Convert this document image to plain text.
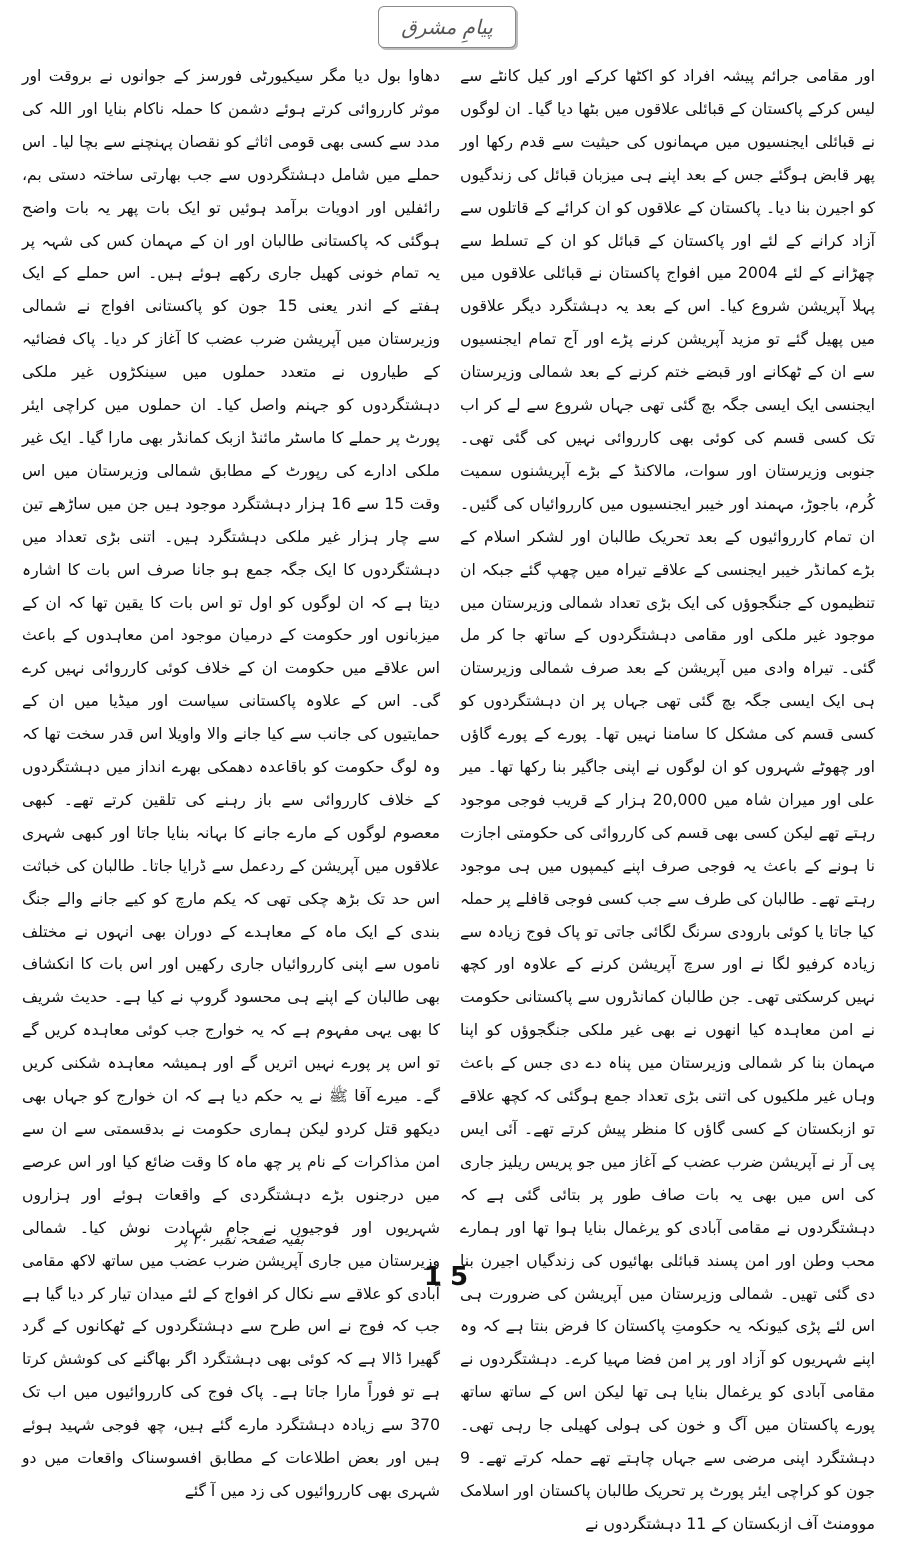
پیامِ مشرق

اور مقامی جرائم پیشہ افراد کو اکٹھا کرکے اور کیل کانٹے سے لیس کرکے پاکستان کے قبائلی علاقوں میں بٹھا دیا گیا۔ ان لوگوں نے قبائلی ایجنسیوں میں مہمانوں کی حیثیت سے قدم رکھا اور پھر قابض ہوگئے جس کے بعد اپنے ہی میزبان قبائل کی زندگیوں کو اجیرن بنا دیا۔ پاکستان کے علاقوں کو ان کرائے کے قاتلوں سے آزاد کرانے کے لئے اور پاکستان کے قبائل کو ان کے تسلط سے چھڑانے کے لئے 2004 میں افواج پاکستان نے قبائلی علاقوں میں پہلا آپریشن شروع کیا۔ اس کے بعد یہ دہشتگرد دیگر علاقوں میں پھیل گئے تو مزید آپریشن کرنے پڑے اور آج تمام ایجنسیوں سے ان کے ٹھکانے اور قبضے ختم کرنے کے بعد شمالی وزیرستان ایجنسی ایک ایسی جگہ بچ گئی تھی جہاں شروع سے لے کر اب تک کسی قسم کی کوئی بھی کارروائی نہیں کی گئی تھی۔ جنوبی وزیرستان اور سوات، مالاکنڈ کے بڑے آپریشنوں سمیت کُرم، باجوڑ، مہمند اور خیبر ایجنسیوں میں کارروائیاں کی گئیں۔ ان تمام کارروائیوں کے بعد تحریک طالبان اور لشکر اسلام کے بڑے کمانڈر خیبر ایجنسی کے علاقے تیراہ میں چھپ گئے جبکہ ان تنظیموں کے جنگجوؤں کی ایک بڑی تعداد شمالی وزیرستان میں موجود غیر ملکی اور مقامی دہشتگردوں کے ساتھ جا کر مل گئی۔ تیراہ وادی میں آپریشن کے بعد صرف شمالی وزیرستان ہی ایک ایسی جگہ بچ گئی تھی جہاں پر ان دہشتگردوں کو کسی قسم کی مشکل کا سامنا نہیں تھا۔ پورے کے پورے گاؤں اور چھوٹے شہروں کو ان لوگوں نے اپنی جاگیر بنا رکھا تھا۔ میر علی اور میران شاہ میں 20,000 ہزار کے قریب فوجی موجود رہتے تھے لیکن کسی بھی قسم کی کارروائی کی حکومتی اجازت نا ہونے کے باعث یہ فوجی صرف اپنے کیمپوں میں ہی موجود رہتے تھے۔ طالبان کی طرف سے جب کسی فوجی قافلے پر حملہ کیا جاتا یا کوئی بارودی سرنگ لگائی جاتی تو پاک فوج زیادہ سے زیادہ کرفیو لگا نے اور سرچ آپریشن کرنے کے علاوہ اور کچھ نہیں کرسکتی تھی۔ جن طالبان کمانڈروں سے پاکستانی حکومت نے امن معاہدہ کیا انھوں نے بھی غیر ملکی جنگجوؤں کو اپنا مہمان بنا کر شمالی وزیرستان میں پناہ دے دی جس کے باعث وہاں غیر ملکیوں کی اتنی بڑی تعداد جمع ہوگئی کہ کچھ علاقے تو ازبکستان کے کسی گاؤں کا منظر پیش کرتے تھے۔ آئی ایس پی آر نے آپریشن ضرب عضب کے آغاز میں جو پریس ریلیز جاری کی اس میں بھی یہ بات صاف طور پر بتائی گئی ہے کہ دہشتگردوں نے مقامی آبادی کو یرغمال بنایا ہوا تھا اور ہمارے محب وطن اور امن پسند قبائلی بھائیوں کی زندگیاں اجیرن بنا دی گئی تھیں۔ شمالی وزیرستان میں آپریشن کی ضرورت ہی اس لئے پڑی کیونکہ یہ حکومتِ پاکستان کا فرض بنتا ہے کہ وہ اپنے شہریوں کو آزاد اور پر امن فضا مہیا کرے۔ دہشتگردوں نے مقامی آبادی کو یرغمال بنایا ہی تھا لیکن اس کے ساتھ ساتھ پورے پاکستان میں آگ و خون کی ہولی کھیلی جا رہی تھی۔ دہشتگرد اپنی مرضی سے جہاں چاہتے تھے حملہ کرتے تھے۔ 9 جون کو کراچی ایئر پورٹ پر تحریک طالبان پاکستان اور اسلامک موومنٹ آف ازبکستان کے 11 دہشتگردوں نے

دھاوا بول دیا مگر سیکیورٹی فورسز کے جوانوں نے بروقت اور موثر کارروائی کرتے ہوئے دشمن کا حملہ ناکام بنایا اور اللہ کی مدد سے کسی بھی قومی اثاثے کو نقصان پہنچنے سے بچا لیا۔ اس حملے میں شامل دہشتگردوں سے جب بھارتی ساختہ دستی بم، رائفلیں اور ادویات برآمد ہوئیں تو ایک بات پھر یہ بات واضح ہوگئی کہ پاکستانی طالبان اور ان کے مہمان کس کی شہہ پر یہ تمام خونی کھیل جاری رکھے ہوئے ہیں۔ اس حملے کے ایک ہفتے کے اندر یعنی 15 جون کو پاکستانی افواج نے شمالی وزیرستان میں آپریشن ضرب عضب کا آغاز کر دیا۔ پاک فضائیہ کے طیاروں نے متعدد حملوں میں سینکڑوں غیر ملکی دہشتگردوں کو جہنم واصل کیا۔ ان حملوں میں کراچی ایئر پورٹ پر حملے کا ماسٹر مائنڈ ازبک کمانڈر بھی مارا گیا۔ ایک غیر ملکی ادارے کی رپورٹ کے مطابق شمالی وزیرستان میں اس وقت 15 سے 16 ہزار دہشتگرد موجود ہیں جن میں ساڑھے تین سے چار ہزار غیر ملکی دہشتگرد ہیں۔ اتنی بڑی تعداد میں دہشتگردوں کا ایک جگہ جمع ہو جانا صرف اس بات کا اشارہ دیتا ہے کہ ان لوگوں کو اول تو اس بات کا یقین تھا کہ ان کے میزبانوں اور حکومت کے درمیان موجود امن معاہدوں کے باعث اس علاقے میں حکومت ان کے خلاف کوئی کارروائی نہیں کرے گی۔ اس کے علاوہ پاکستانی سیاست اور میڈیا میں ان کے حمایتیوں کی جانب سے کیا جانے والا واویلا اس قدر سخت تھا کہ وہ لوگ حکومت کو باقاعدہ دھمکی بھرے انداز میں دہشتگردوں کے خلاف کارروائی سے باز رہنے کی تلقین کرتے تھے۔ کبھی معصوم لوگوں کے مارے جانے کا بہانہ بنایا جاتا اور کبھی شہری علاقوں میں آپریشن کے ردعمل سے ڈرایا جاتا۔ طالبان کی خباثت اس حد تک بڑھ چکی تھی کہ یکم مارچ کو کیے جانے والے جنگ بندی کے ایک ماہ کے معاہدے کے دوران بھی انہوں نے مختلف ناموں سے اپنی کارروائیاں جاری رکھیں اور اس بات کا انکشاف بھی طالبان کے اپنے ہی محسود گروپ نے کیا ہے۔ حدیث شریف کا بھی یہی مفہوم ہے کہ یہ خوارج جب کوئی معاہدہ کریں گے تو اس پر پورے نہیں اتریں گے اور ہمیشہ معاہدہ شکنی کریں گے۔ میرے آقا ﷺ نے یہ حکم دیا ہے کہ ان خوارج کو جہاں بھی دیکھو قتل کردو لیکن ہماری حکومت نے بدقسمتی سے ان سے امن مذاکرات کے نام پر چھ ماہ کا وقت ضائع کیا اور اس عرصے میں درجنوں بڑے دہشتگردی کے واقعات ہوئے اور ہزاروں شہریوں اور فوجیوں نے جامِ شہادت نوش کیا۔ شمالی وزیرستان میں جاری آپریشن ضرب عضب میں ساتھ لاکھ مقامی آبادی کو علاقے سے نکال کر افواج کے لئے میدان تیار کر دیا گیا ہے جب کہ فوج نے اس طرح سے دہشتگردوں کے ٹھکانوں کے گرد گھیرا ڈالا ہے کہ کوئی بھی دہشتگرد اگر بھاگنے کی کوشش کرتا ہے تو فوراً مارا جاتا ہے۔ پاک فوج کی کارروائیوں میں اب تک 370 سے زیادہ دہشتگرد مارے گئے ہیں، چھ فوجی شہید ہوئے ہیں اور بعض اطلاعات کے مطابق افسوسناک واقعات میں دو شہری بھی کارروائیوں کی زد میں آ گئے

بقیہ صفحہ نمبر ۲۰ پر
15
